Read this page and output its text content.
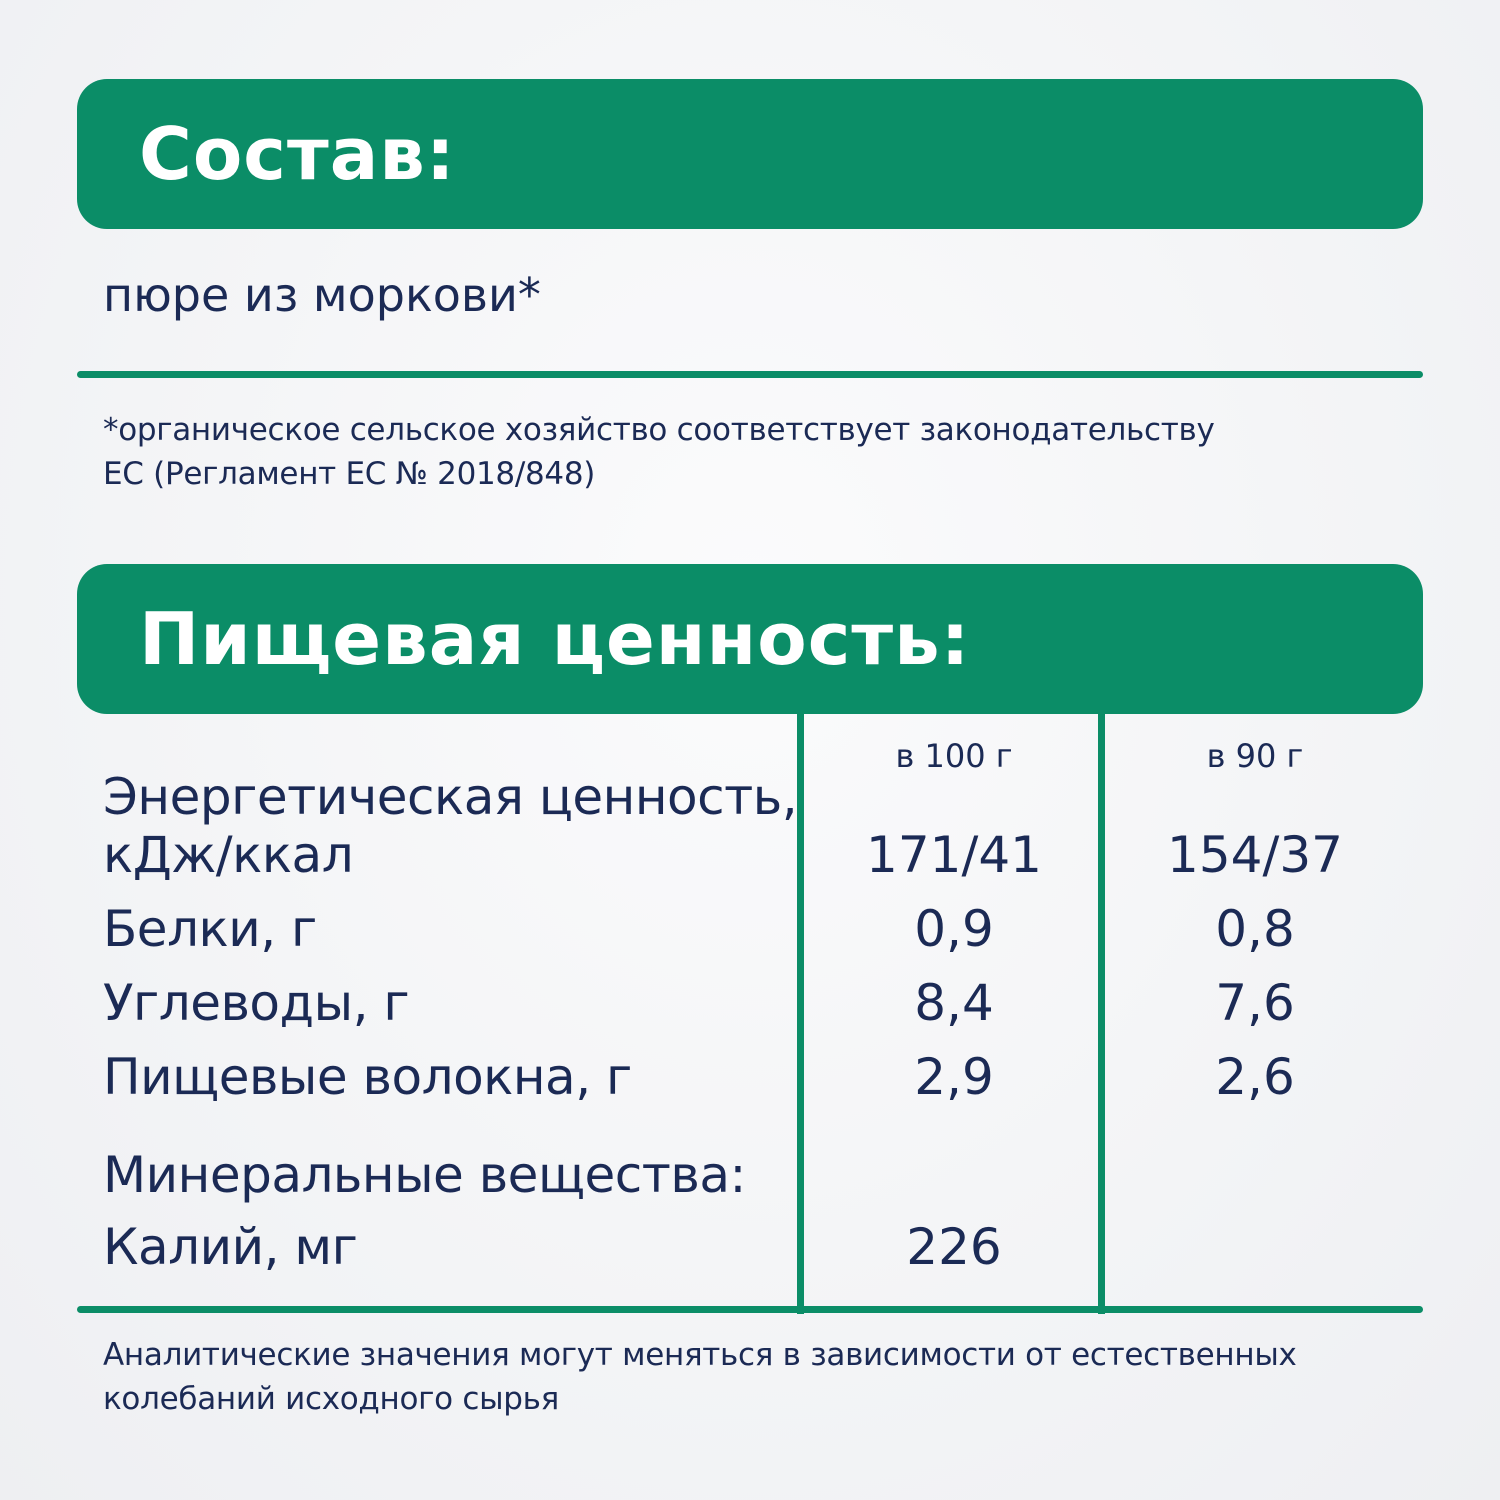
Состав:
пюре из моркови*
*органическое сельское хозяйство соответствует законодательству
ЕС (Регламент ЕС № 2018/848)
Пищевая ценность:
в 100 г	в 90 г
Энергетическая ценность,
кДж/ккал	171/41	154/37
Белки, г	0,9	0,8
Углеводы, г	8,4	7,6
Пищевые волокна, г	2,9	2,6
Минеральные вещества:
Калий, мг	226
Аналитические значения могут меняться в зависимости от естественных
колебаний исходного сырья
